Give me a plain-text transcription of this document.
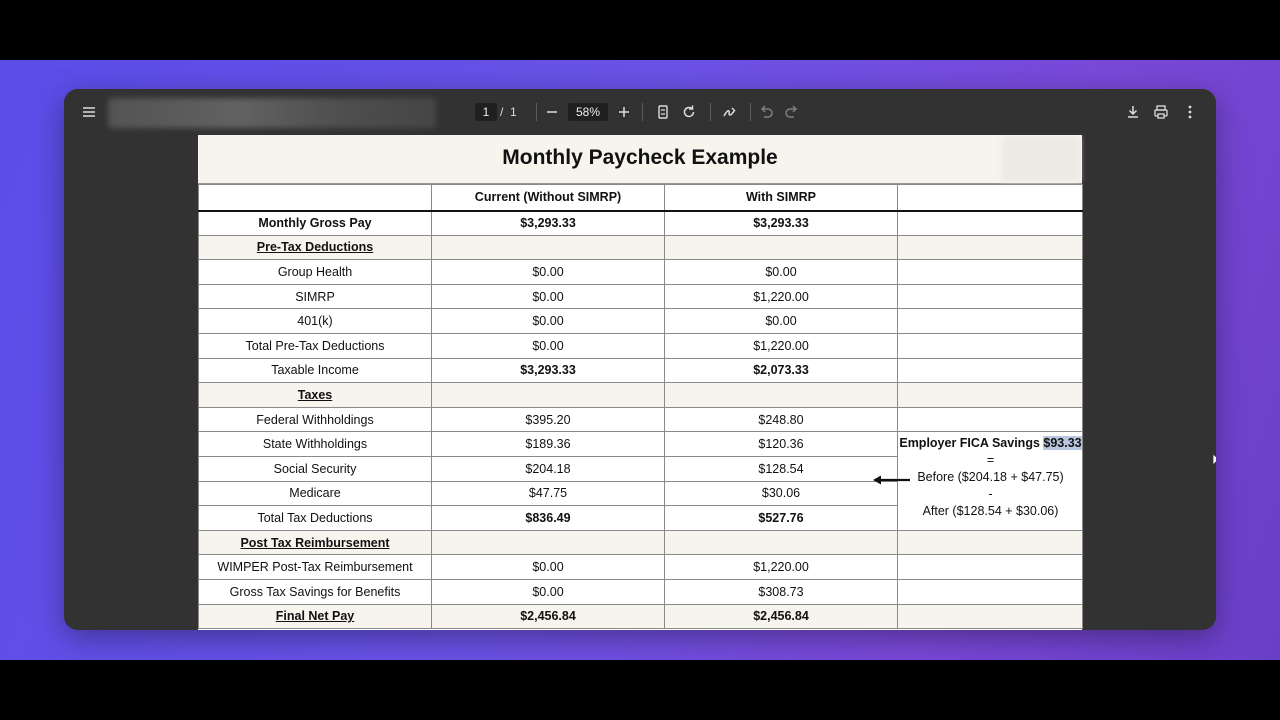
1 / 1	58%
Monthly Paycheck Example
	Current (Without SIMRP)	With SIMRP	
Monthly Gross Pay	$3,293.33	$3,293.33	
Pre-Tax Deductions			
Group Health	$0.00	$0.00	
SIMRP	$0.00	$1,220.00	
401(k)	$0.00	$0.00	
Total Pre-Tax Deductions	$0.00	$1,220.00	
Taxable Income	$3,293.33	$2,073.33	
Taxes			
Federal Withholdings	$395.20	$248.80	
State Withholdings	$189.36	$120.36	Employer FICA Savings $93.33
=
Before ($204.18 + $47.75)
-
After ($128.54 + $30.06)

Social Security	$204.18	$128.54	
Medicare	$47.75	$30.06	
Total Tax Deductions	$836.49	$527.76	
Post Tax Reimbursement			
WIMPER Post-Tax Reimbursement	$0.00	$1,220.00	
Gross Tax Savings for Benefits	$0.00	$308.73	
Final Net Pay	$2,456.84	$2,456.84	
